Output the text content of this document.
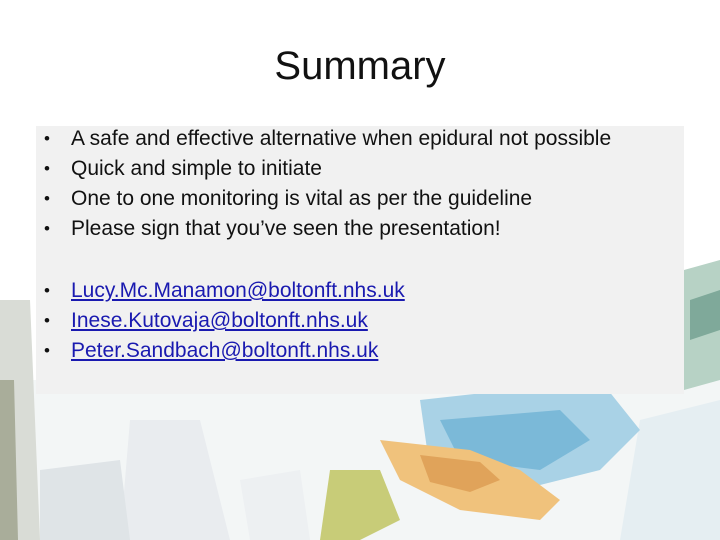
Summary
• A safe and effective alternative when epidural not possible
• Quick and simple to initiate
• One to one monitoring is vital as per the guideline
• Please sign that you’ve seen the presentation!
• Lucy.Mc.Manamon@boltonft.nhs.uk
• Inese.Kutovaja@boltonft.nhs.uk
• Peter.Sandbach@boltonft.nhs.uk
